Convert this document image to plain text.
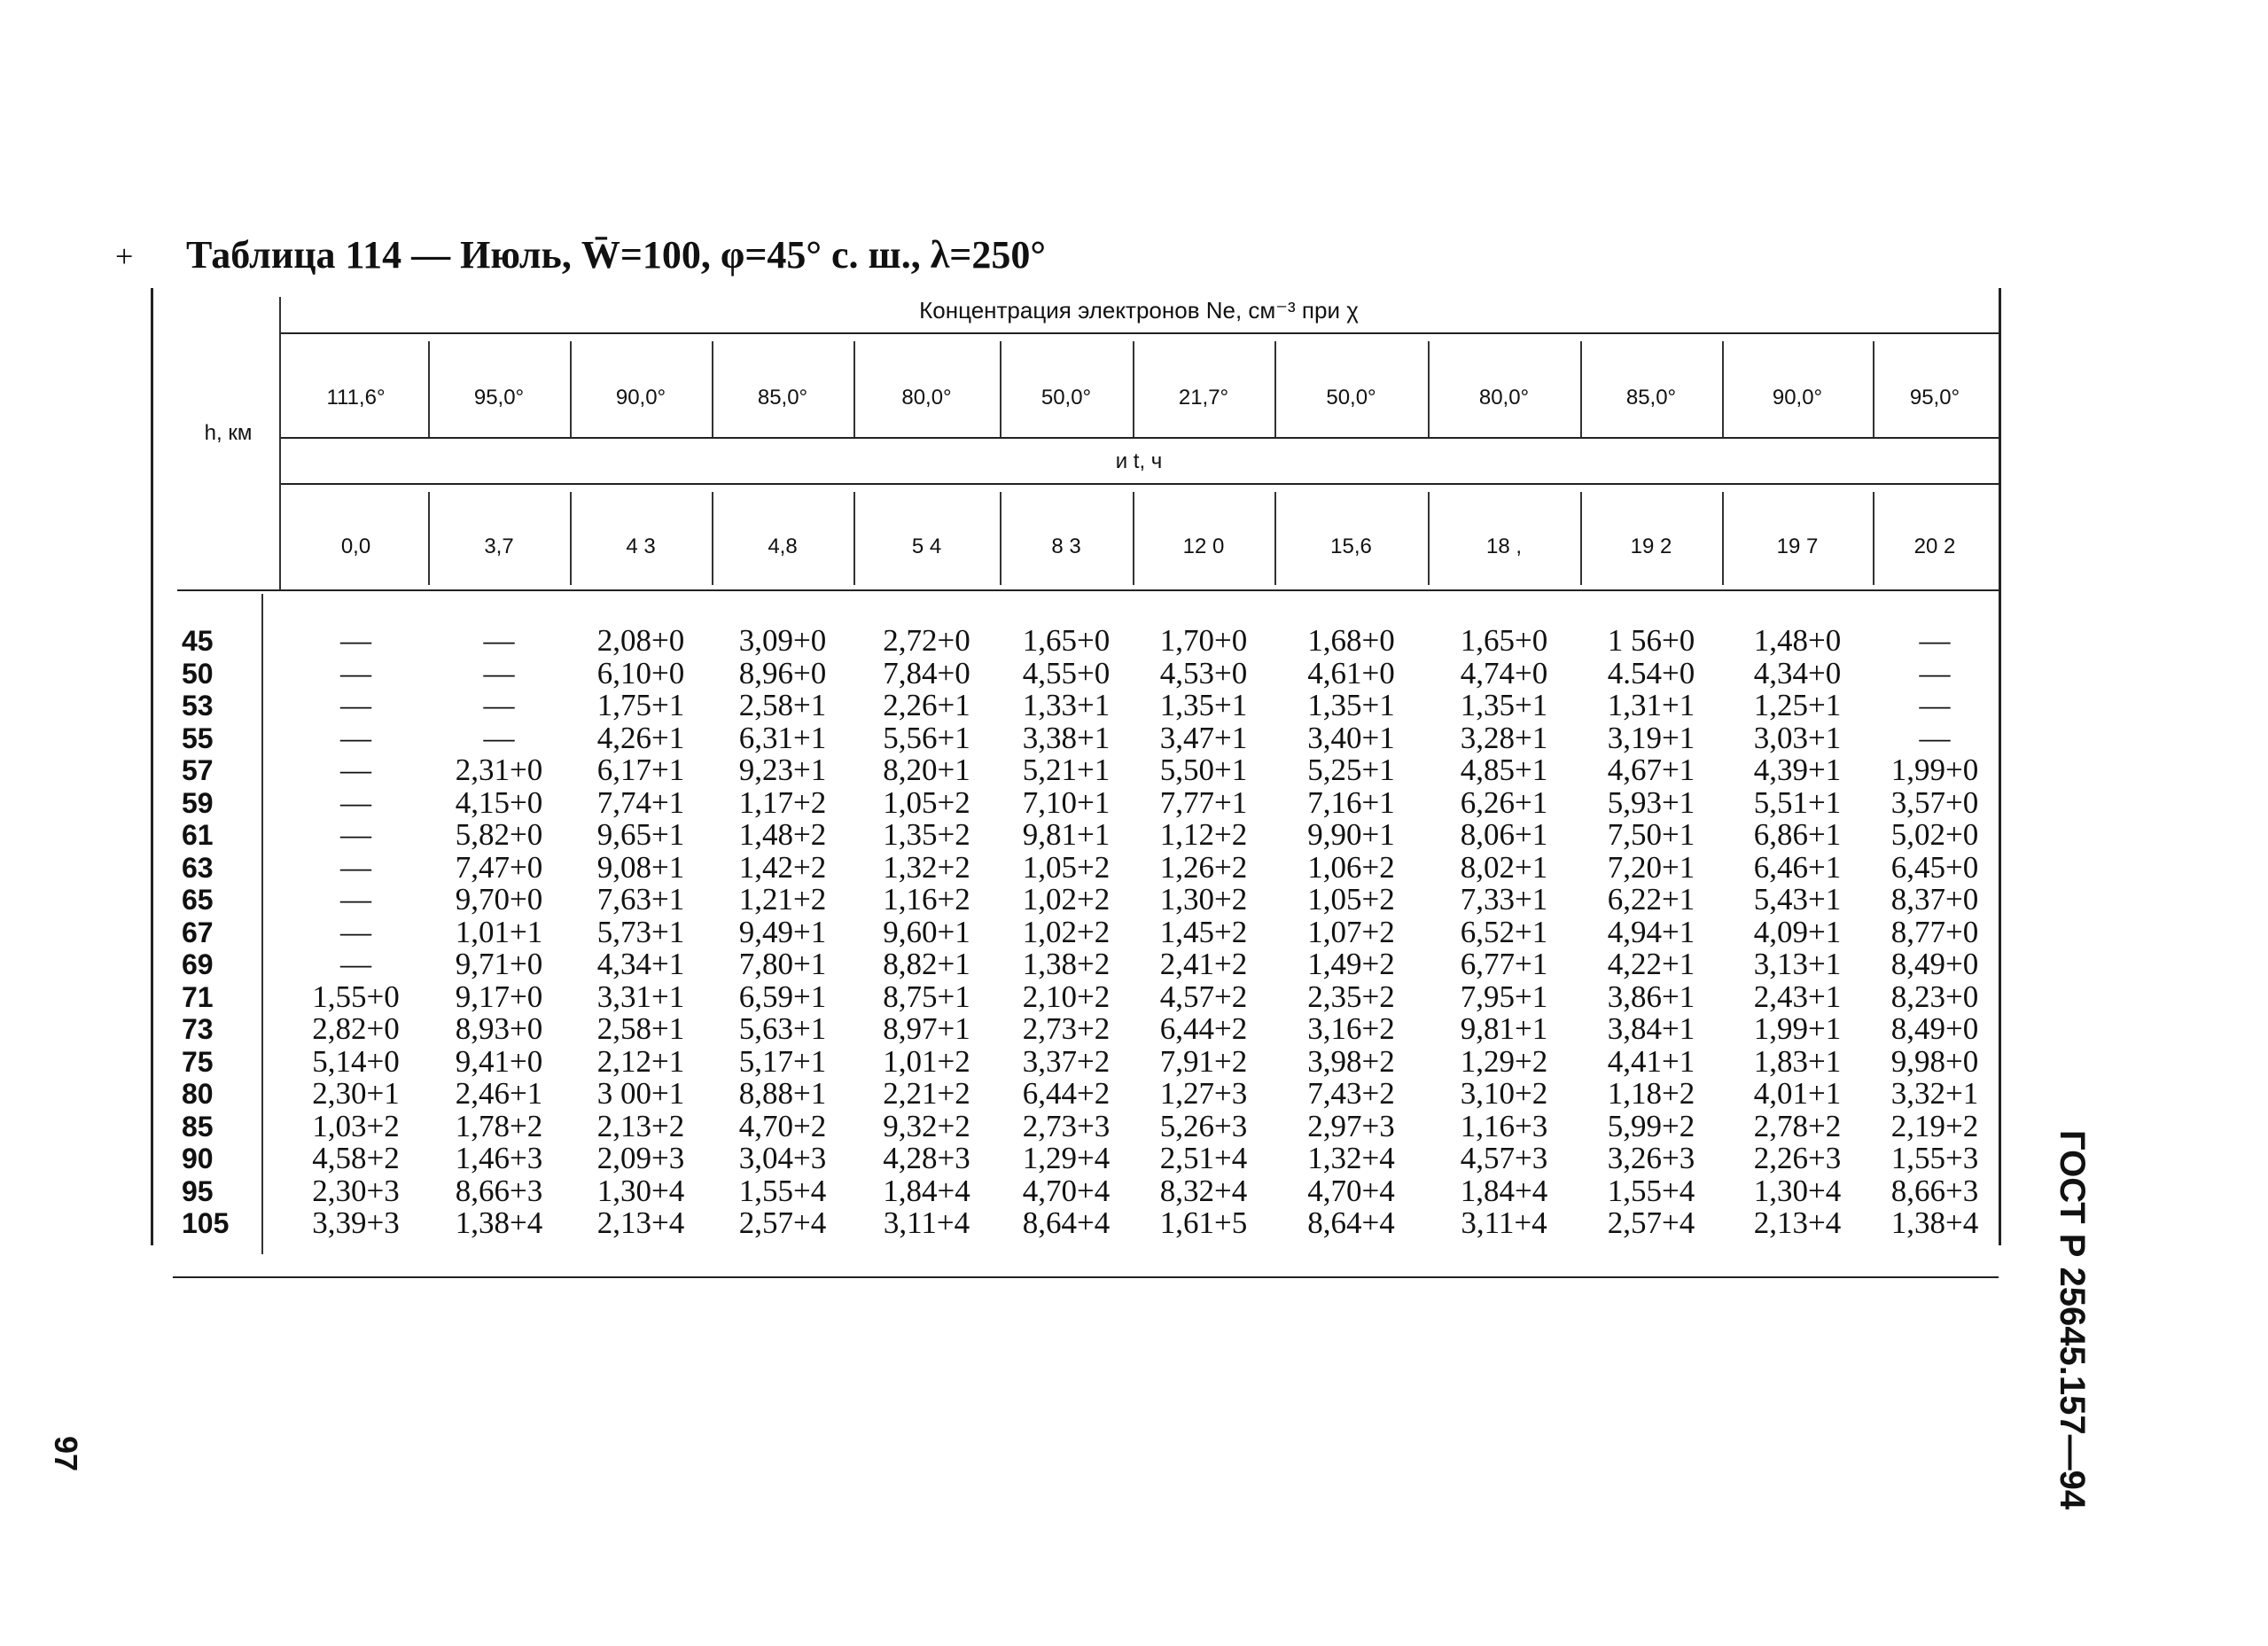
+ Таблица 114 — Июль, W̄=100, φ=45° с. ш., λ=250°
h, км
Концентрация электронов Ne, см⁻³ при χ
и t, ч
111,6°	95,0°	90,0°	85,0°	80,0°	50,0°	21,7°	50,0°	80,0°	85,0°	90,0°	95,0°
0,0	3,7	4 3	4,8	5 4	8 3	12 0	15,6	18 ,	19 2	19 7	20 2
45	—	—	2,08+0	3,09+0	2,72+0	1,65+0	1,70+0	1,68+0	1,65+0	1 56+0	1,48+0	—
50	—	—	6,10+0	8,96+0	7,84+0	4,55+0	4,53+0	4,61+0	4,74+0	4.54+0	4,34+0	—
53	—	—	1,75+1	2,58+1	2,26+1	1,33+1	1,35+1	1,35+1	1,35+1	1,31+1	1,25+1	—
55	—	—	4,26+1	6,31+1	5,56+1	3,38+1	3,47+1	3,40+1	3,28+1	3,19+1	3,03+1	—
57	—	2,31+0	6,17+1	9,23+1	8,20+1	5,21+1	5,50+1	5,25+1	4,85+1	4,67+1	4,39+1	1,99+0
59	—	4,15+0	7,74+1	1,17+2	1,05+2	7,10+1	7,77+1	7,16+1	6,26+1	5,93+1	5,51+1	3,57+0
61	—	5,82+0	9,65+1	1,48+2	1,35+2	9,81+1	1,12+2	9,90+1	8,06+1	7,50+1	6,86+1	5,02+0
63	—	7,47+0	9,08+1	1,42+2	1,32+2	1,05+2	1,26+2	1,06+2	8,02+1	7,20+1	6,46+1	6,45+0
65	—	9,70+0	7,63+1	1,21+2	1,16+2	1,02+2	1,30+2	1,05+2	7,33+1	6,22+1	5,43+1	8,37+0
67	—	1,01+1	5,73+1	9,49+1	9,60+1	1,02+2	1,45+2	1,07+2	6,52+1	4,94+1	4,09+1	8,77+0
69	—	9,71+0	4,34+1	7,80+1	8,82+1	1,38+2	2,41+2	1,49+2	6,77+1	4,22+1	3,13+1	8,49+0
71	1,55+0	9,17+0	3,31+1	6,59+1	8,75+1	2,10+2	4,57+2	2,35+2	7,95+1	3,86+1	2,43+1	8,23+0
73	2,82+0	8,93+0	2,58+1	5,63+1	8,97+1	2,73+2	6,44+2	3,16+2	9,81+1	3,84+1	1,99+1	8,49+0
75	5,14+0	9,41+0	2,12+1	5,17+1	1,01+2	3,37+2	7,91+2	3,98+2	1,29+2	4,41+1	1,83+1	9,98+0
80	2,30+1	2,46+1	3 00+1	8,88+1	2,21+2	6,44+2	1,27+3	7,43+2	3,10+2	1,18+2	4,01+1	3,32+1
85	1,03+2	1,78+2	2,13+2	4,70+2	9,32+2	2,73+3	5,26+3	2,97+3	1,16+3	5,99+2	2,78+2	2,19+2
90	4,58+2	1,46+3	2,09+3	3,04+3	4,28+3	1,29+4	2,51+4	1,32+4	4,57+3	3,26+3	2,26+3	1,55+3
95	2,30+3	8,66+3	1,30+4	1,55+4	1,84+4	4,70+4	8,32+4	4,70+4	1,84+4	1,55+4	1,30+4	8,66+3
105	3,39+3	1,38+4	2,13+4	2,57+4	3,11+4	8,64+4	1,61+5	8,64+4	3,11+4	2,57+4	2,13+4	1,38+4	ГОСТ Р 25645.157—94
97
